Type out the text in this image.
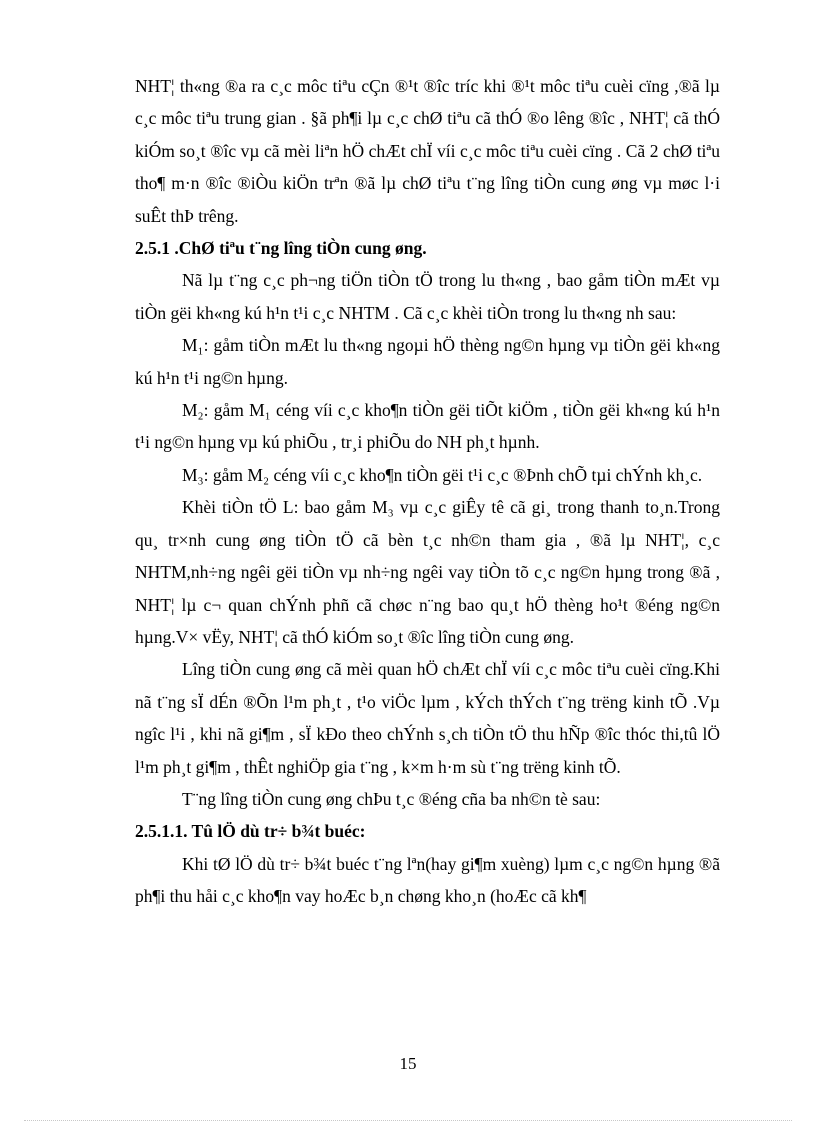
NHT¦ th«ng ®a ra c¸c môc tiªu cÇn ®¹t ®îc tríc khi ®¹t môc tiªu cuèi cïng ,®ã lµ c¸c môc tiªu trung gian . §ã ph¶i lµ c¸c chØ tiªu cã thÓ ®o lêng ®îc , NHT¦ cã thÓ kiÓm so¸t ®îc vµ cã mèi liªn hÖ chÆt chÏ víi c¸c môc tiªu cuèi cïng . Cã 2 chØ tiªu tho¶ m·n ®îc ®iÒu kiÖn trªn ®ã lµ chØ tiªu t¨ng lîng tiÒn cung øng vµ møc l·i suÊt thÞ trêng.

2.5.1 .ChØ tiªu t¨ng lîng tiÒn cung øng.

Nã lµ t¨ng c¸c ph¬ng tiÖn tiÒn tÖ trong lu th«ng , bao gåm tiÒn mÆt vµ tiÒn gëi kh«ng kú h¹n t¹i c¸c NHTM . Cã c¸c khèi tiÒn trong lu th«ng nh sau:

M₁: gåm tiÒn mÆt lu th«ng ngoµi hÖ thèng ng©n hµng vµ tiÒn gëi kh«ng kú h¹n t¹i ng©n hµng.

M₂: gåm M₁ céng víi c¸c kho¶n tiÒn gëi tiÕt kiÖm , tiÒn gëi kh«ng kú h¹n t¹i ng©n hµng vµ kú phiÕu , tr¸i phiÕu do NH ph¸t hµnh.

M₃: gåm M₂ céng víi c¸c kho¶n tiÒn gëi t¹i c¸c ®Þnh chÕ tµi chÝnh kh¸c.

Khèi tiÒn tÖ L: bao gåm M₃ vµ c¸c giÊy tê cã gi¸ trong thanh to¸n.Trong qu¸ tr×nh cung øng tiÒn tÖ cã bèn t¸c nh©n tham gia , ®ã lµ NHT¦, c¸c NHTM,nh÷ng ngêi gëi tiÒn vµ nh÷ng ngêi vay tiÒn tõ c¸c ng©n hµng trong ®ã , NHT¦ lµ c¬ quan chÝnh phñ cã chøc n¨ng bao qu¸t hÖ thèng ho¹t ®éng ng©n hµng.V× vËy, NHT¦ cã thÓ kiÓm so¸t ®îc lîng tiÒn cung øng.

Lîng tiÒn cung øng cã mèi quan hÖ chÆt chÏ víi c¸c môc tiªu cuèi cïng.Khi nã t¨ng sÏ dÉn ®Õn l¹m ph¸t , t¹o viÖc lµm , kÝch thÝch t¨ng trëng kinh tÕ .Vµ ngîc l¹i , khi nã gi¶m , sÏ kÐo theo chÝnh s¸ch tiÒn tÖ thu hÑp ®îc thóc thi,tû lÖ l¹m ph¸t gi¶m , thÊt nghiÖp gia t¨ng , k×m h·m sù t¨ng trëng kinh tÕ.

T¨ng lîng tiÒn cung øng chÞu t¸c ®éng cña ba nh©n tè sau:

2.5.1.1. Tû lÖ dù tr÷ b¾t buéc:

Khi tØ lÖ dù tr÷ b¾t buéc t¨ng lªn(hay gi¶m xuèng) lµm c¸c ng©n hµng ®ã ph¶i thu håi c¸c kho¶n vay hoÆc b¸n chøng kho¸n (hoÆc cã kh¶

15
